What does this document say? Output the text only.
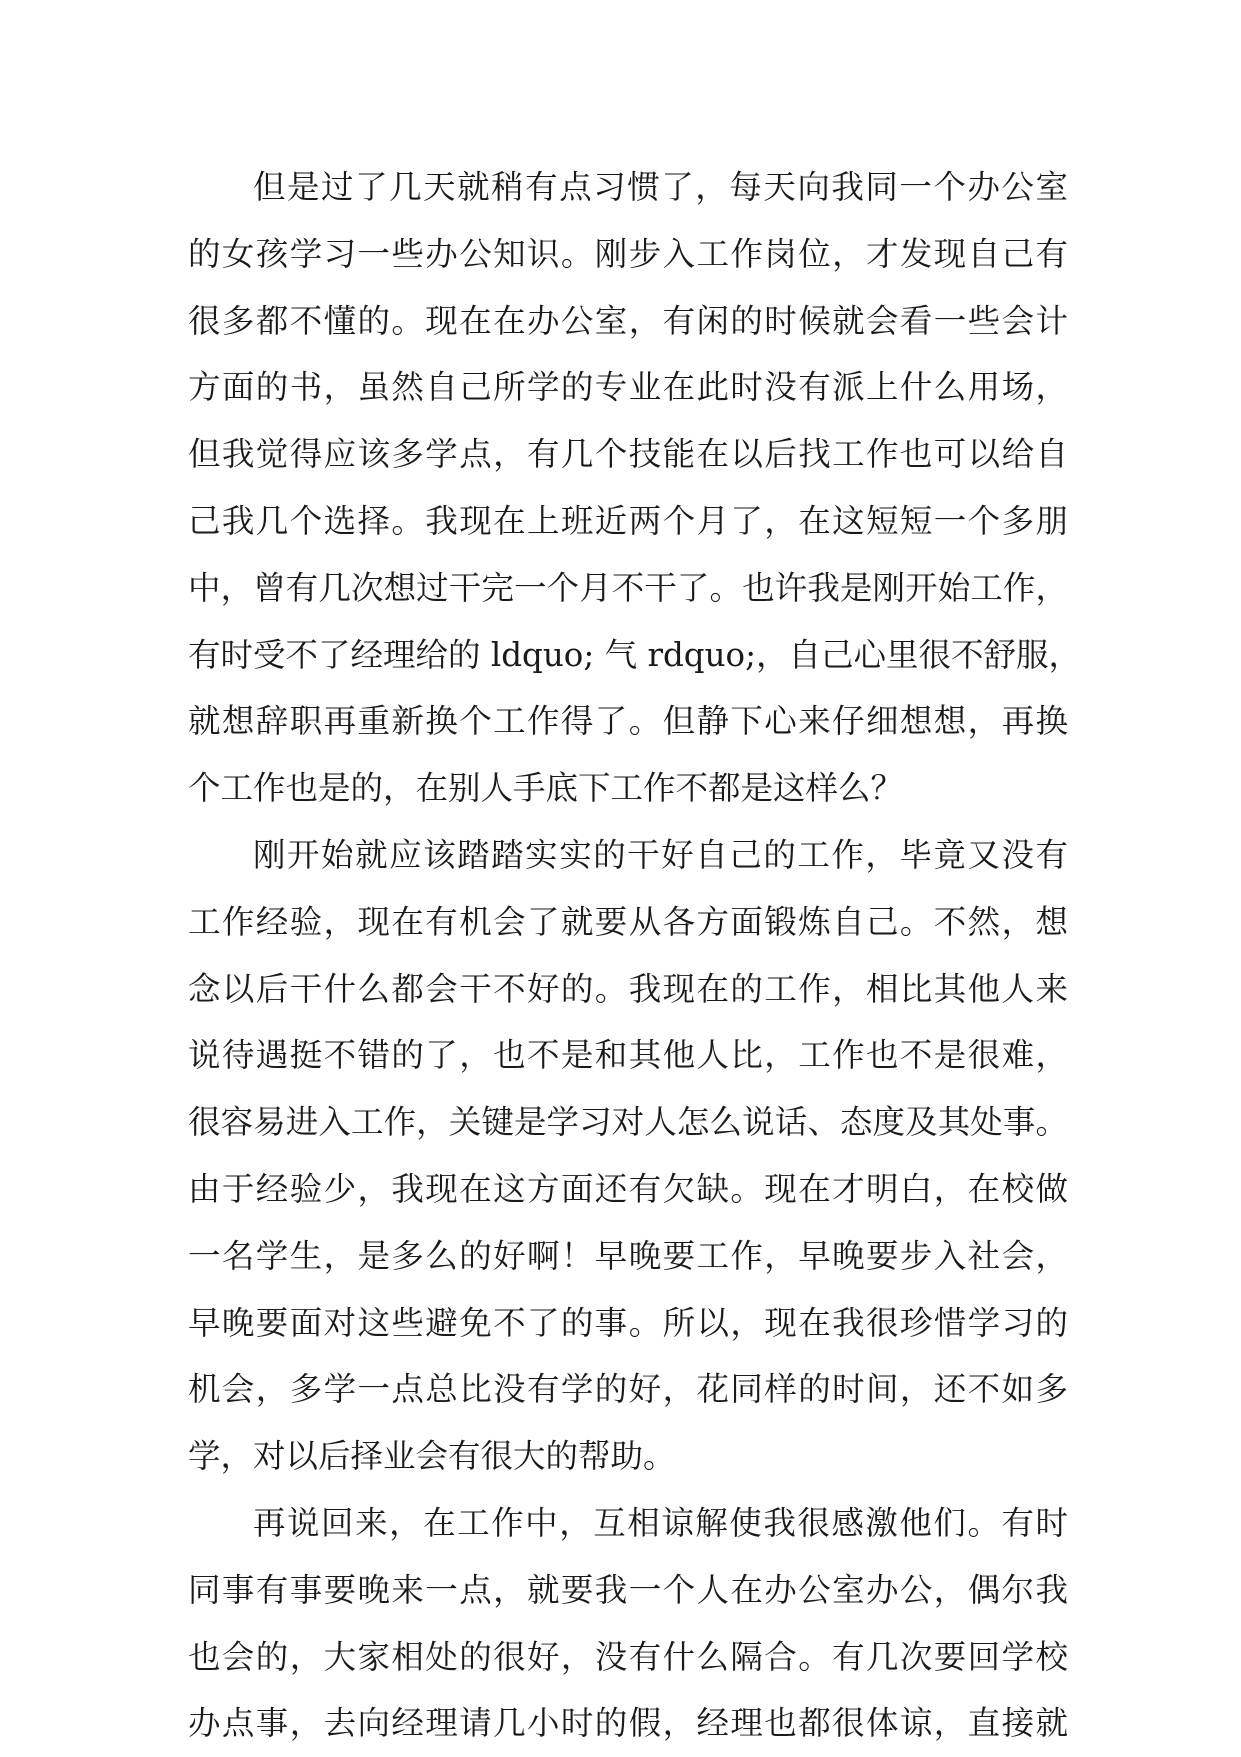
但是过了几天就稍有点习惯了，每天向我同一个办公室
的女孩学习一些办公知识。刚步入工作岗位，才发现自己有
很多都不懂的。现在在办公室，有闲的时候就会看一些会计
方面的书，虽然自己所学的专业在此时没有派上什么用场，
但我觉得应该多学点，有几个技能在以后找工作也可以给自
己我几个选择。我现在上班近两个月了，在这短短一个多朋
中，曾有几次想过干完一个月不干了。也许我是刚开始工作，
有时受不了经理给的 ldquo; 气 rdquo;，自己心里很不舒服，
就想辞职再重新换个工作得了。但静下心来仔细想想，再换
个工作也是的，在别人手底下工作不都是这样么？
刚开始就应该踏踏实实的干好自己的工作，毕竟又没有
工作经验，现在有机会了就要从各方面锻炼自己。不然，想
念以后干什么都会干不好的。我现在的工作，相比其他人来
说待遇挺不错的了，也不是和其他人比，工作也不是很难，
很容易进入工作，关键是学习对人怎么说话、态度及其处事。
由于经验少，我现在这方面还有欠缺。现在才明白，在校做
一名学生，是多么的好啊！早晚要工作，早晚要步入社会，
早晚要面对这些避免不了的事。所以，现在我很珍惜学习的
机会，多学一点总比没有学的好，花同样的时间，还不如多
学，对以后择业会有很大的帮助。
再说回来，在工作中，互相谅解使我很感激他们。有时
同事有事要晚来一点，就要我一个人在办公室办公，偶尔我
也会的，大家相处的很好，没有什么隔合。有几次要回学校
办点事，去向经理请几小时的假，经理也都很体谅，直接就
